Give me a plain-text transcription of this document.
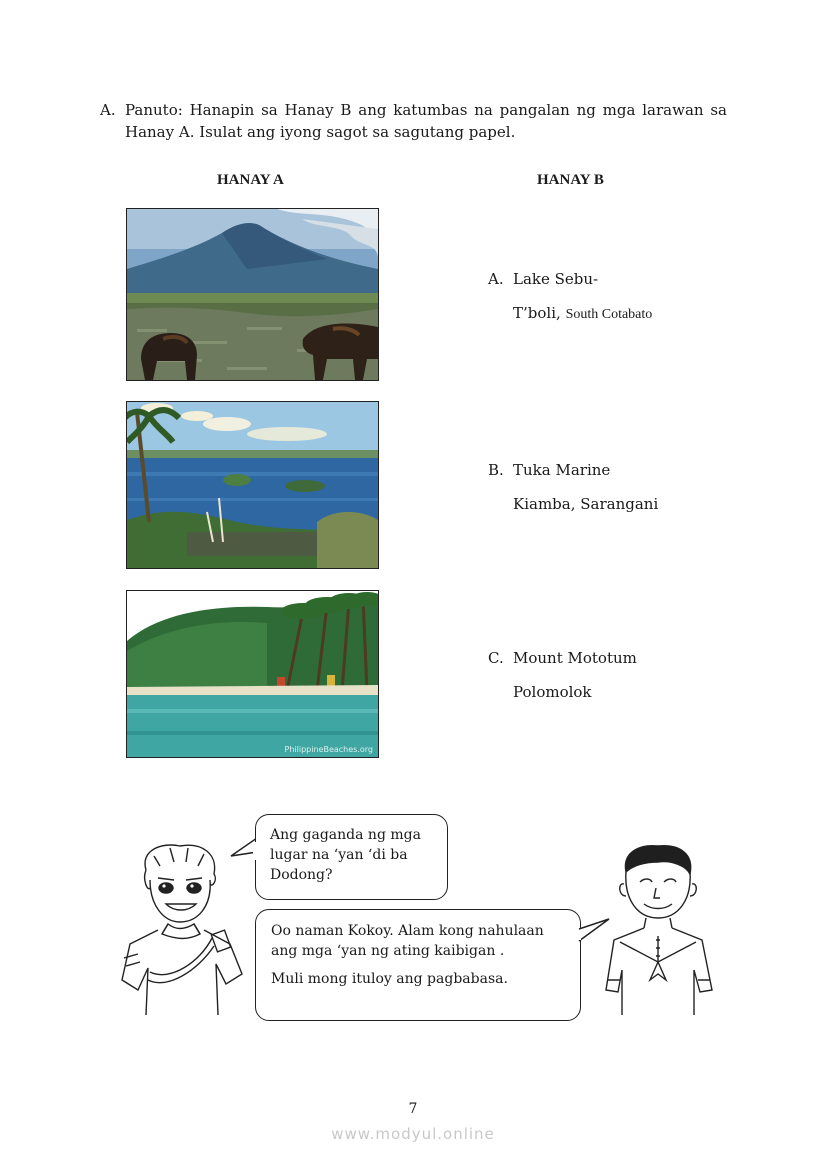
A. Panuto: Hanapin sa Hanay B ang katumbas na pangalan ng mga larawan sa Hanay A. Isulat ang iyong sagot sa sagutang papel.
HANAY A	HANAY B
PhilippineBeaches.org
A. Lake Sebu-
T’boli, South Cotabato
B. Tuka Marine
Kiamba, Sarangani
C. Mount Mototum
Polomolok
Ang gaganda ng mga lugar na ‘yan ‘di ba Dodong?
Oo naman Kokoy. Alam kong nahulaan ang mga ‘yan ng ating kaibigan .
Muli mong ituloy ang pagbabasa.
7
www.modyul.online
